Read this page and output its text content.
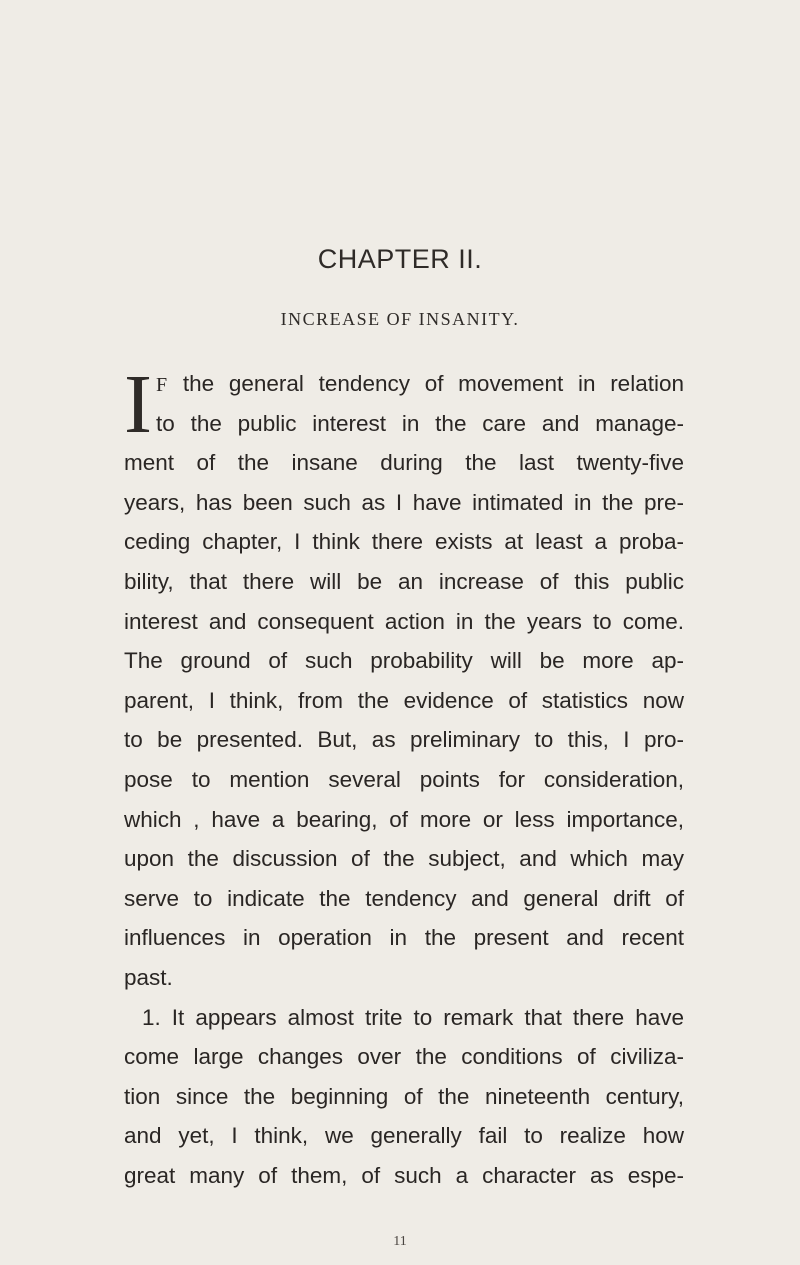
CHAPTER II.
INCREASE OF INSANITY.
I F the general tendency of movement in relation
to the public interest in the care and manage-
ment of the insane during the last twenty-five
years, has been such as I have intimated in the pre-
ceding chapter, I think there exists at least a proba-
bility, that there will be an increase of this public
interest and consequent action in the years to come.
The ground of such probability will be more ap-
parent, I think, from the evidence of statistics now
to be presented. But, as preliminary to this, I pro-
pose to mention several points for consideration,
which , have a bearing, of more or less importance,
upon the discussion of the subject, and which may
serve to indicate the tendency and general drift of
influences in operation in the present and recent
past.
1. It appears almost trite to remark that there have
come large changes over the conditions of civiliza-
tion since the beginning of the nineteenth century,
and yet, I think, we generally fail to realize how
great many of them, of such a character as espe-
11
